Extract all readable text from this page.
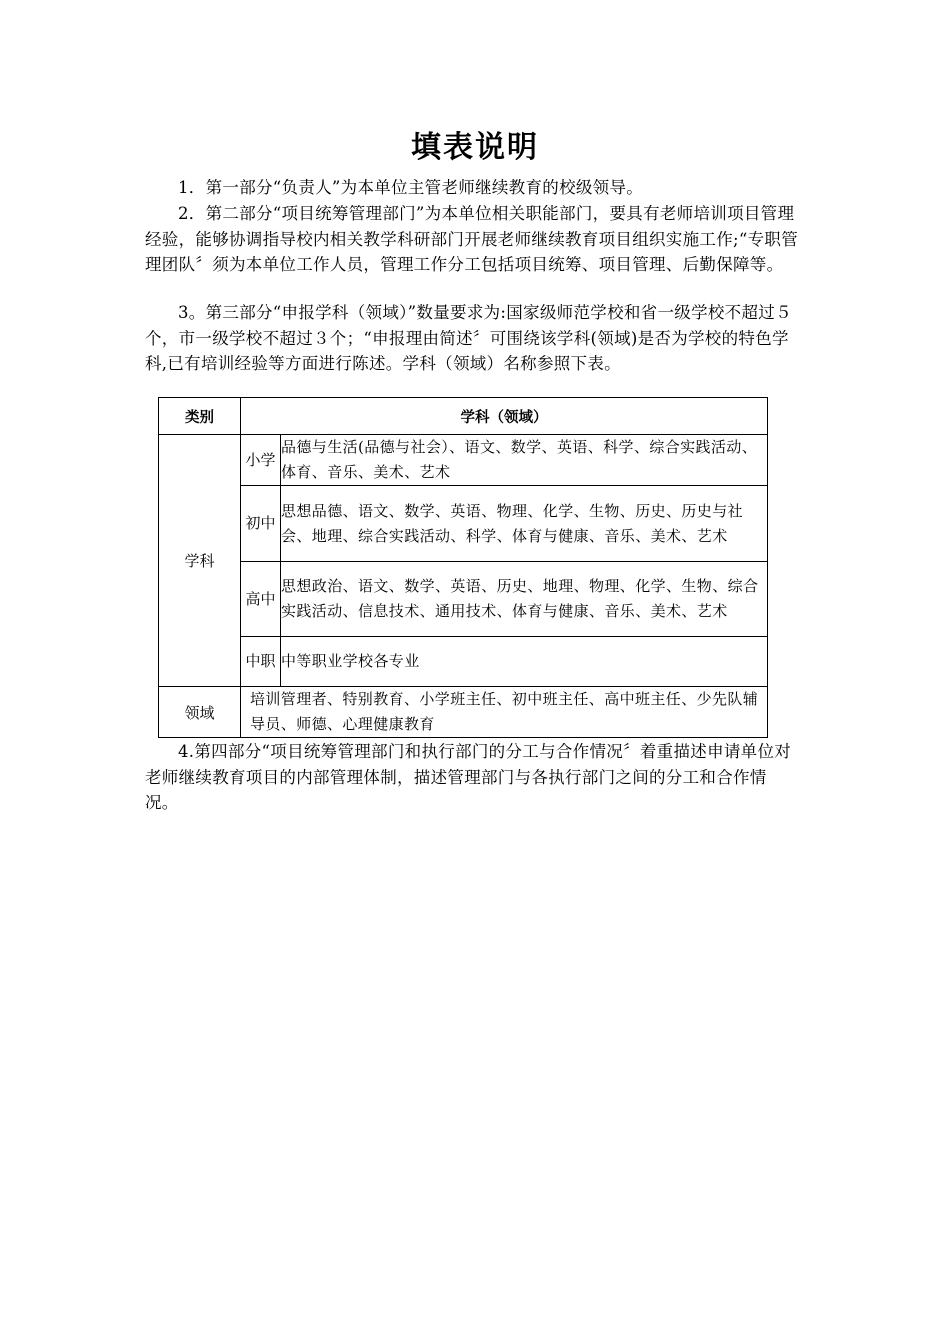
填表说明
1．第一部分“负责人”为本单位主管老师继续教育的校级领导。
2．第二部分“项目统筹管理部门”为本单位相关职能部门，要具有老师培训项目管理经验，能够协调指导校内相关教学科研部门开展老师继续教育项目组织实施工作;“专职管理团队〞须为本单位工作人员，管理工作分工包括项目统筹、项目管理、后勤保障等。
3。第三部分“申报学科（领域）”数量要求为:国家级师范学校和省一级学校不超过５个，市一级学校不超过３个；“申报理由简述〞可围绕该学科(领域)是否为学校的特色学科,已有培训经验等方面进行陈述。学科（领域）名称参照下表。
类别	学科（领域）	
学科	小学	品德与生活(品德与社会）、语文、数学、英语、科学、综合实践活动、体育、音乐、美术、艺术
	初中	思想品德、语文、数学、英语、物理、化学、生物、历史、历史与社会、地理、综合实践活动、科学、体育与健康、音乐、美术、艺术
	高中	思想政治、语文、数学、英语、历史、地理、物理、化学、生物、综合实践活动、信息技术、通用技术、体育与健康、音乐、美术、艺术
	中职	中等职业学校各专业
领域	培训管理者、特别教育、小学班主任、初中班主任、高中班主任、少先队辅导员、师德、心理健康教育	
4.第四部分“项目统筹管理部门和执行部门的分工与合作情况〞着重描述申请单位对老师继续教育项目的内部管理体制，描述管理部门与各执行部门之间的分工和合作情况。
